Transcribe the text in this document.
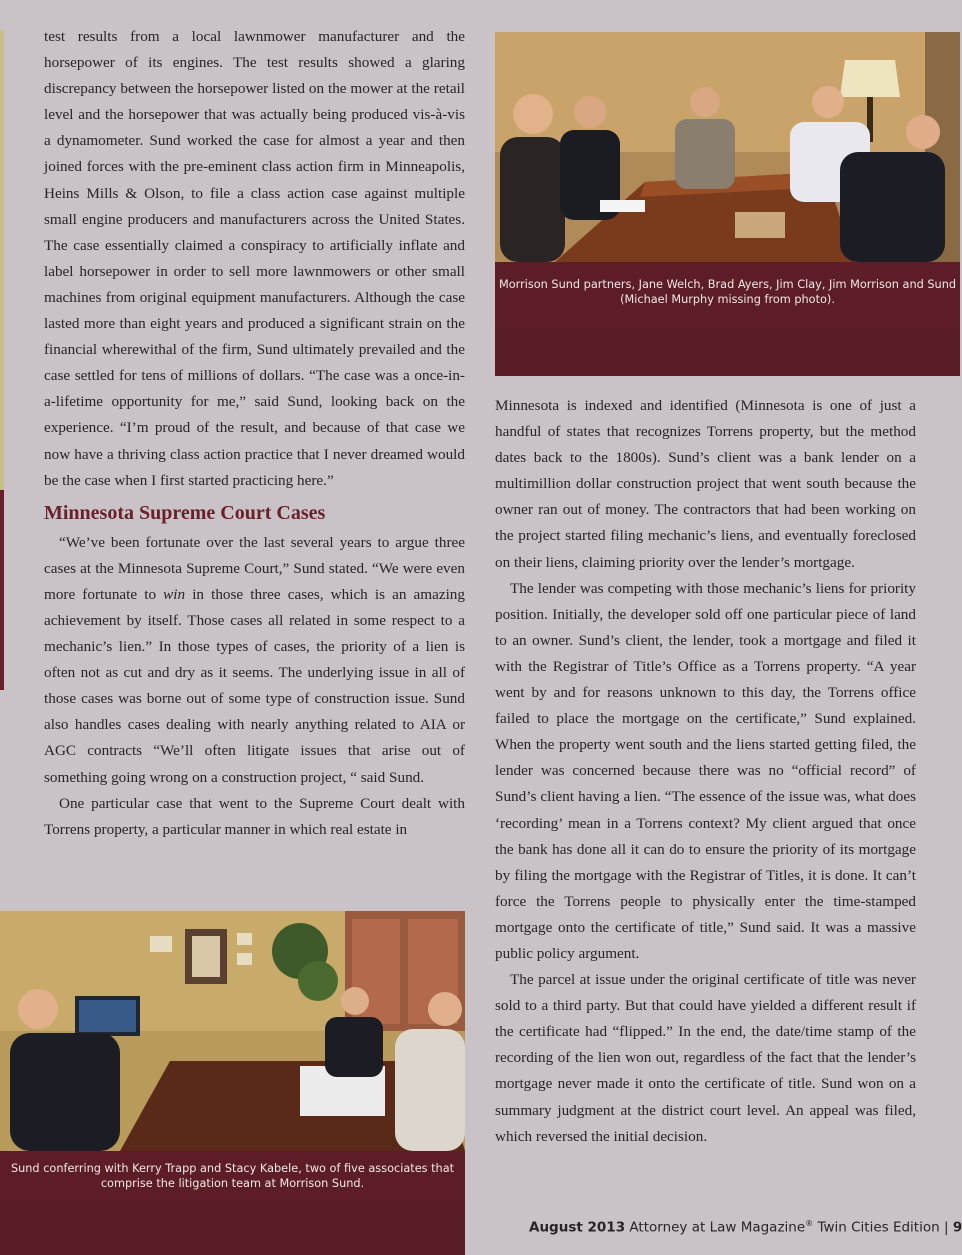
test results from a local lawnmower manufacturer and the horsepower of its engines. The test results showed a glaring discrepancy between the horsepower listed on the mower at the retail level and the horsepower that was actually being produced vis-à-vis a dynamometer. Sund worked the case for almost a year and then joined forces with the pre-eminent class action firm in Minneapolis, Heins Mills & Olson, to file a class action case against multiple small engine producers and manufacturers across the United States. The case essentially claimed a conspiracy to artificially inflate and label horsepower in order to sell more lawnmowers or other small machines from original equipment manufacturers. Although the case lasted more than eight years and produced a significant strain on the financial wherewithal of the firm, Sund ultimately prevailed and the case settled for tens of millions of dollars. “The case was a once-in-a-lifetime opportunity for me,” said Sund, looking back on the experience. “I’m proud of the result, and because of that case we now have a thriving class action practice that I never dreamed would be the case when I first started practicing here.”

Minnesota Supreme Court Cases

“We’ve been fortunate over the last several years to argue three cases at the Minnesota Supreme Court,” Sund stated. “We were even more fortunate to win in those three cases, which is an amazing achievement by itself. Those cases all related in some respect to a mechanic’s lien.” In those types of cases, the priority of a lien is often not as cut and dry as it seems. The underlying issue in all of those cases was borne out of some type of construction issue. Sund also handles cases dealing with nearly anything related to AIA or AGC contracts “We’ll often litigate issues that arise out of something going wrong on a construction project, “ said Sund.

One particular case that went to the Supreme Court dealt with Torrens property, a particular manner in which real estate in

Morrison Sund partners, Jane Welch, Brad Ayers, Jim Clay, Jim Morrison and Sund (Michael Murphy missing from photo).

Minnesota is indexed and identified (Minnesota is one of just a handful of states that recognizes Torrens property, but the method dates back to the 1800s). Sund’s client was a bank lender on a multimillion dollar construction project that went south because the owner ran out of money. The contractors that had been working on the project started filing mechanic’s liens, and eventually foreclosed on their liens, claiming priority over the lender’s mortgage.

The lender was competing with those mechanic’s liens for priority position. Initially, the developer sold off one particular piece of land to an owner. Sund’s client, the lender, took a mortgage and filed it with the Registrar of Title’s Office as a Torrens property. “A year went by and for reasons unknown to this day, the Torrens office failed to place the mortgage on the certificate,” Sund explained. When the property went south and the liens started getting filed, the lender was concerned because there was no “official record” of Sund’s client having a lien. “The essence of the issue was, what does ‘recording’ mean in a Torrens context? My client argued that once the bank has done all it can do to ensure the priority of its mortgage by filing the mortgage with the Registrar of Titles, it is done. It can’t force the Torrens people to physically enter the time-stamped mortgage onto the certificate of title,” Sund said. It was a massive public policy argument.

The parcel at issue under the original certificate of title was never sold to a third party. But that could have yielded a different result if the certificate had “flipped.” In the end, the date/time stamp of the recording of the lien won out, regardless of the fact that the lender’s mortgage never made it onto the certificate of title. Sund won on a summary judgment at the district court level. An appeal was filed, which reversed the initial decision.

Sund conferring with Kerry Trapp and Stacy Kabele, two of five associates that comprise the litigation team at Morrison Sund.
August 2013 Attorney at Law Magazine® Twin Cities Edition | 9
